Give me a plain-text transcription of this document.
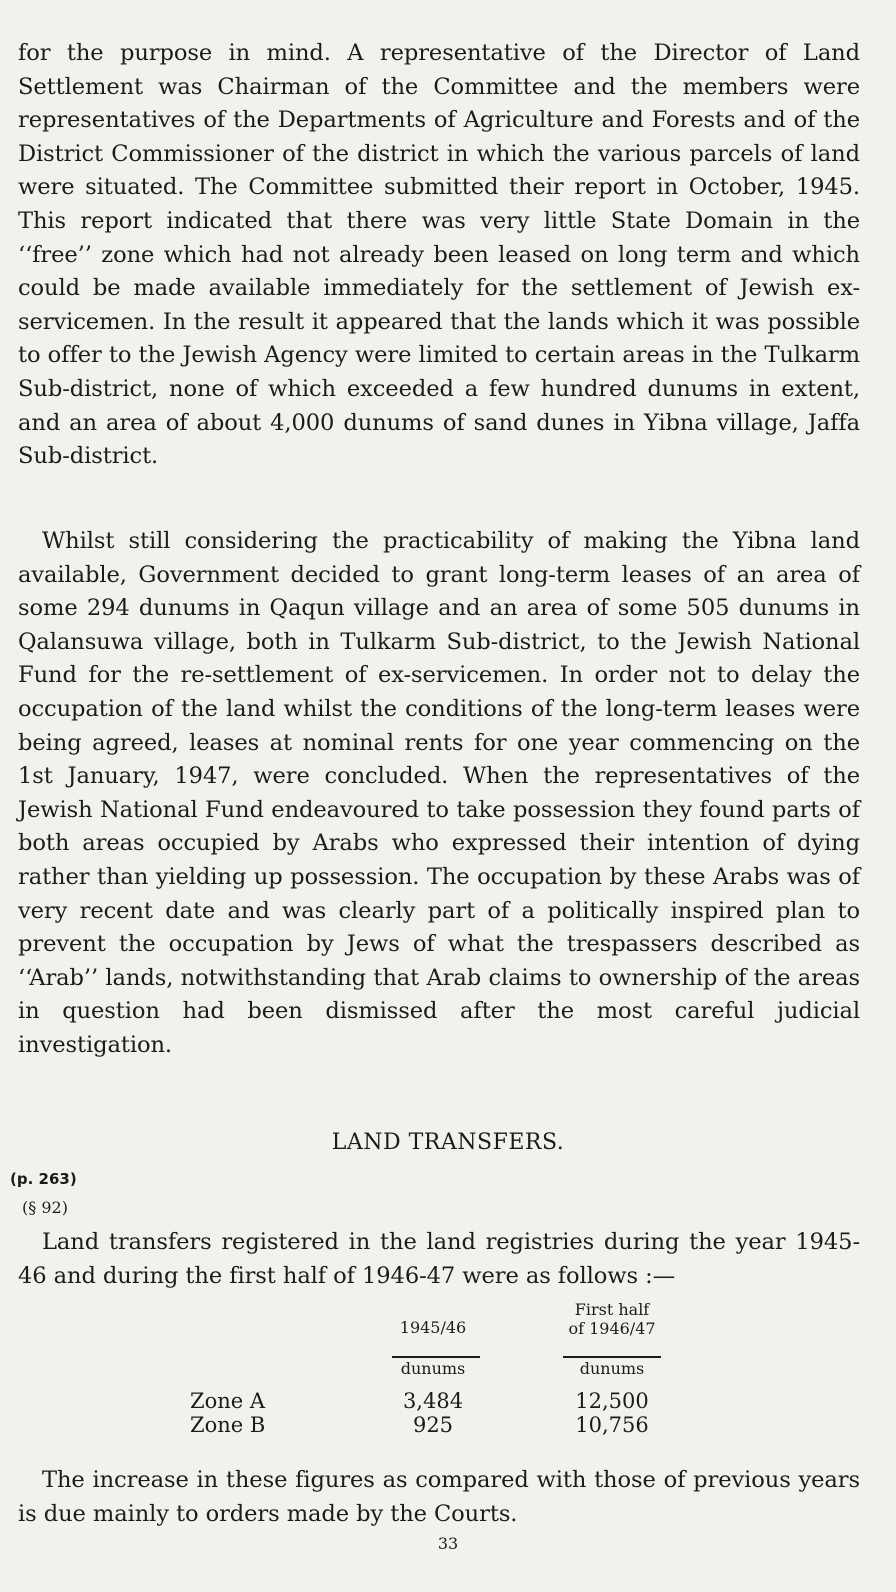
for the purpose in mind. A representative of the Director of Land Settlement was Chairman of the Committee and the members were representatives of the Departments of Agriculture and Forests and of the District Commissioner of the district in which the various parcels of land were situated. The Committee submitted their report in October, 1945. This report indicated that there was very little State Domain in the ‘‘free’’ zone which had not already been leased on long term and which could be made available immediately for the settlement of Jewish ex-servicemen. In the result it appeared that the lands which it was possible to offer to the Jewish Agency were limited to certain areas in the Tulkarm Sub-district, none of which exceeded a few hundred dunums in extent, and an area of about 4,000 dunums of sand dunes in Yibna village, Jaffa Sub-district.

Whilst still considering the practicability of making the Yibna land available, Government decided to grant long-term leases of an area of some 294 dunums in Qaqun village and an area of some 505 dunums in Qalansuwa village, both in Tulkarm Sub-district, to the Jewish National Fund for the re-settlement of ex-servicemen. In order not to delay the occupation of the land whilst the conditions of the long-term leases were being agreed, leases at nominal rents for one year commencing on the 1st January, 1947, were concluded. When the representatives of the Jewish National Fund endeavoured to take possession they found parts of both areas occupied by Arabs who expressed their intention of dying rather than yielding up possession. The occupation by these Arabs was of very recent date and was clearly part of a politically inspired plan to prevent the occupation by Jews of what the trespassers described as ‘‘Arab’’ lands, notwithstanding that Arab claims to ownership of the areas in question had been dismissed after the most careful judicial investigation.

LAND TRANSFERS.
(p. 263)
(§ 92)

Land transfers registered in the land registries during the year 1945-46 and during the first half of 1946-47 were as follows :—

1945/46
First half
of 1946/47
dunums	dunums
Zone A	3,484	12,500
Zone B	925	10,756

The increase in these figures as compared with those of previous years is due mainly to orders made by the Courts.

33
